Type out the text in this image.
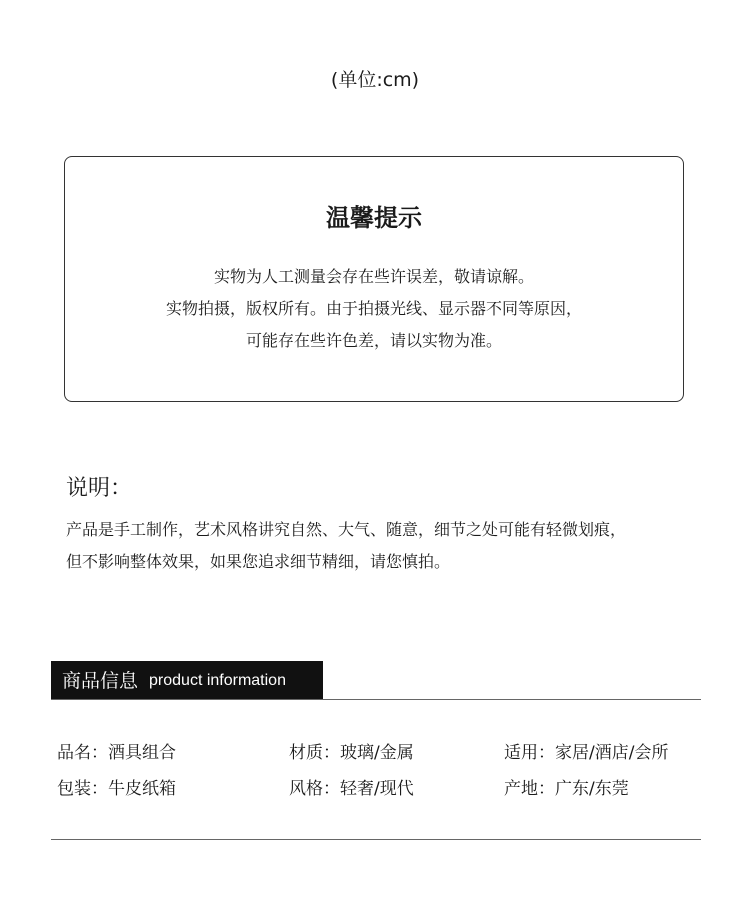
(单位:cm)
温馨提示
实物为人工测量会存在些许误差，敬请谅解。
实物拍摄，版权所有。由于拍摄光线、显示器不同等原因，
可能存在些许色差，请以实物为准。
说明：
产品是手工制作，艺术风格讲究自然、大气、随意，细节之处可能有轻微划痕，
但不影响整体效果，如果您追求细节精细，请您慎拍。
商品信息 product information
品名：酒具组合	材质：玻璃/金属	适用：家居/酒店/会所
包装：牛皮纸箱	风格：轻奢/现代	产地：广东/东莞
